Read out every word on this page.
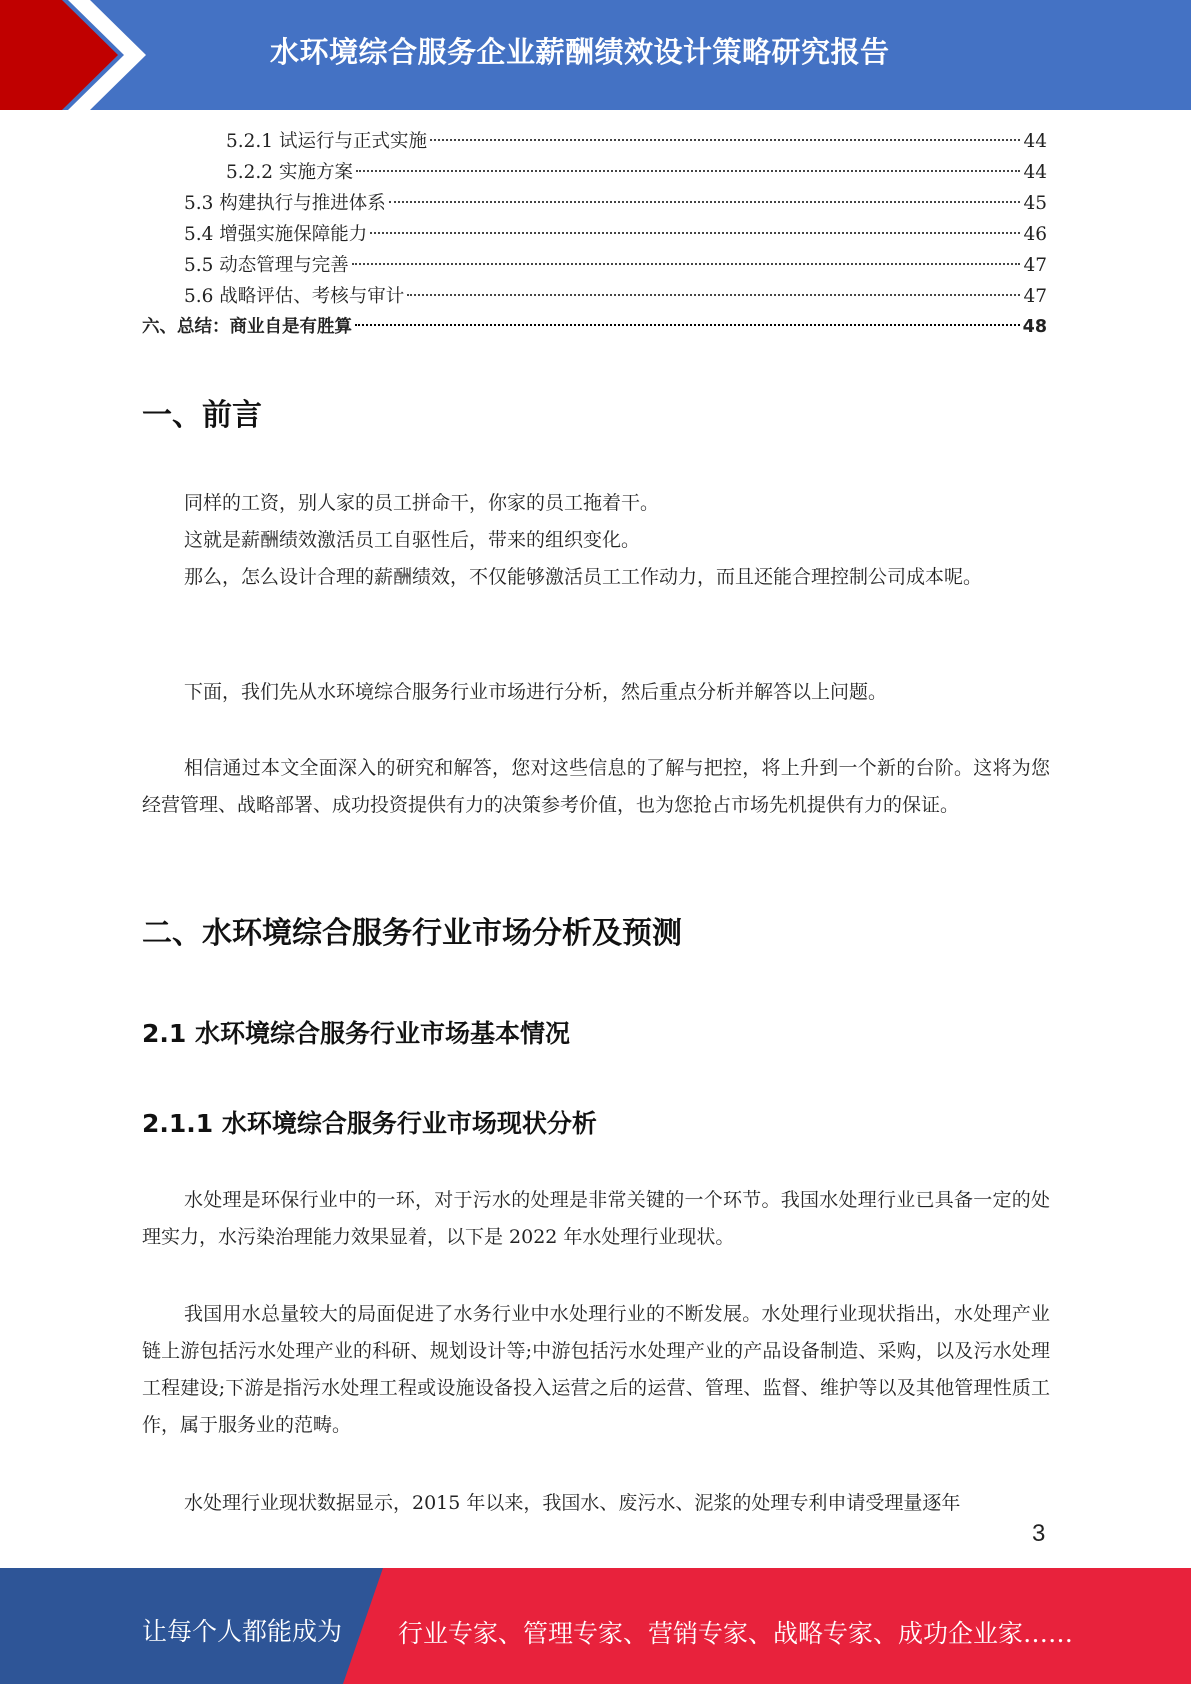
水环境综合服务企业薪酬绩效设计策略研究报告
5.2.1 试运行与正式实施	44
5.2.2 实施方案	44
5.3 构建执行与推进体系	45
5.4 增强实施保障能力	46
5.5 动态管理与完善	47
5.6 战略评估、考核与审计	47
六、总结：商业自是有胜算	48
一、前言

同样的工资，别人家的员工拼命干，你家的员工拖着干。

这就是薪酬绩效激活员工自驱性后，带来的组织变化。

那么，怎么设计合理的薪酬绩效，不仅能够激活员工工作动力，而且还能合理控制公司成本呢。

下面，我们先从水环境综合服务行业市场进行分析，然后重点分析并解答以上问题。

相信通过本文全面深入的研究和解答，您对这些信息的了解与把控，将上升到一个新的台阶。这将为您经营管理、战略部署、成功投资提供有力的决策参考价值，也为您抢占市场先机提供有力的保证。

二、水环境综合服务行业市场分析及预测
2.1 水环境综合服务行业市场基本情况
2.1.1 水环境综合服务行业市场现状分析

水处理是环保行业中的一环，对于污水的处理是非常关键的一个环节。我国水处理行业已具备一定的处理实力，水污染治理能力效果显着，以下是 2022 年水处理行业现状。

我国用水总量较大的局面促进了水务行业中水处理行业的不断发展。水处理行业现状指出，水处理产业链上游包括污水处理产业的科研、规划设计等;中游包括污水处理产业的产品设备制造、采购，以及污水处理工程建设;下游是指污水处理工程或设施设备投入运营之后的运营、管理、监督、维护等以及其他管理性质工作，属于服务业的范畴。

水处理行业现状数据显示，2015 年以来，我国水、废污水、泥浆的处理专利申请受理量逐年

3
让每个人都能成为 行业专家、管理专家、营销专家、战略专家、成功企业家……
